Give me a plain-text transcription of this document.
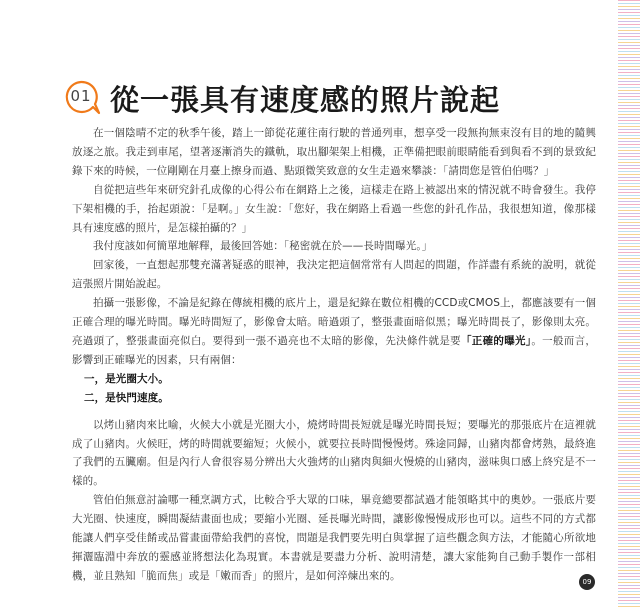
01 從一張具有速度感的照片說起

在一個陰晴不定的秋季午後，踏上一節從花蓮往南行駛的普通列車，想享受一段無拘無束沒有目的地的隨興放逐之旅。我走到車尾，望著逐漸消失的鐵軌，取出腳架架上相機，正準備把眼前眼睛能看到與看不到的景致紀錄下來的時候，一位剛剛在月臺上擦身而過、點頭微笑致意的女生走過來攀談：「請問您是管伯伯嗎？」

自從把這些年來研究針孔成像的心得公布在網路上之後，這樣走在路上被認出來的情況就不時會發生。我停下架相機的手，抬起頭說：「是啊。」女生說：「您好，我在網路上看過一些您的針孔作品，我很想知道，像那樣具有速度感的照片，是怎樣拍攝的？」

我付度該如何簡單地解釋，最後回答她：「秘密就在於——長時間曝光。」

回家後，一直想起那雙充滿著疑惑的眼神，我決定把這個常常有人問起的問題，作詳盡有系統的說明，就從這張照片開始說起。

拍攝一張影像，不論是紀錄在傳統相機的底片上，還是紀錄在數位相機的CCD或CMOS上，都應該要有一個正確合理的曝光時間。曝光時間短了，影像會太暗。暗過頭了，整張畫面暗似黑；曝光時間長了，影像則太亮。亮過頭了，整張畫面亮似白。要得到一張不過亮也不太暗的影像，先決條件就是要「正確的曝光」。一般而言，影響到正確曝光的因素，只有兩個：

一，是光圈大小。

二，是快門速度。

以烤山豬肉來比喻，火候大小就是光圈大小，燒烤時間長短就是曝光時間長短；要曝光的那張底片在這裡就成了山豬肉。火候旺，烤的時間就要縮短；火候小，就要拉長時間慢慢烤。殊途同歸，山豬肉都會烤熟，最終進了我們的五臟廟。但是內行人會很容易分辨出大火強烤的山豬肉與細火慢燒的山豬肉，滋味與口感上終究是不一樣的。

管伯伯無意討論哪一種烹調方式，比較合乎大眾的口味，畢竟總要都試過才能領略其中的奧妙。一張底片要大光圈、快速度，瞬間凝結畫面也成；要縮小光圈、延長曝光時間，讓影像慢慢成形也可以。這些不同的方式都能讓人們享受佳餚或品嘗畫面帶給我們的喜悅，問題是我們要先明白與掌握了這些觀念與方法，才能隨心所欲地揮灑臨淵中奔放的靈感並將想法化為現實。本書就是要盡力分析、說明清楚，讓大家能夠自己動手製作一部相機，並且熟知「脆而焦」或是「嫩而香」的照片，是如何淬煉出來的。

09
